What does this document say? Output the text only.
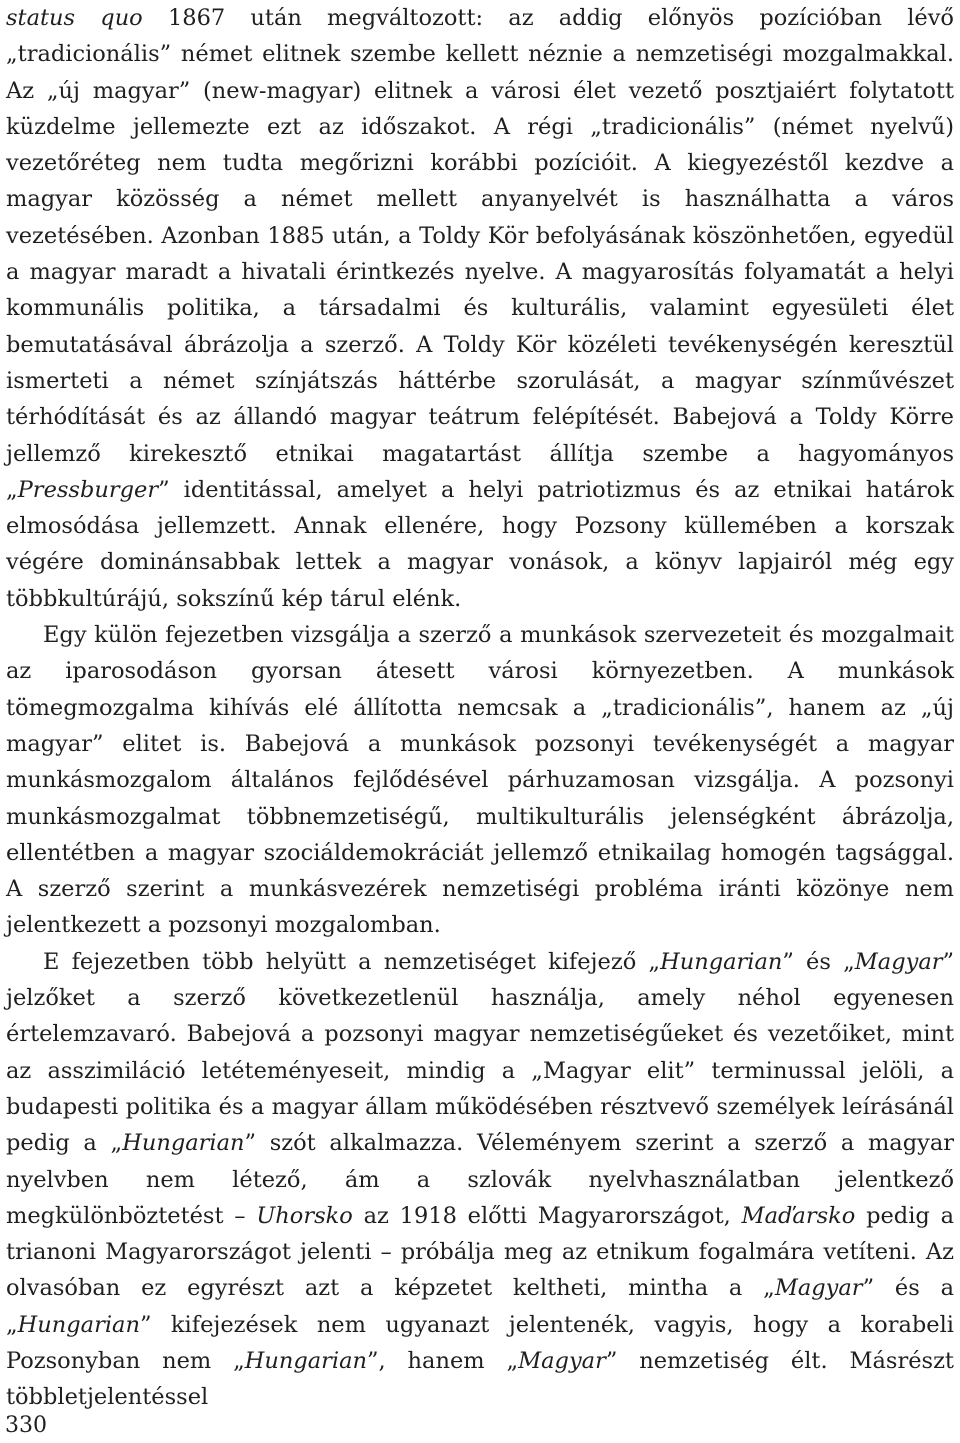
status quo 1867 után megváltozott: az addig előnyös pozícióban lévő „tradicionális” német elitnek szembe kellett néznie a nemzetiségi mozgalmakkal. Az „új magyar” (new-magyar) elitnek a városi élet vezető posztjaiért folytatott küzdelme jellemezte ezt az időszakot. A régi „tradicionális” (német nyelvű) vezetőréteg nem tudta megőrizni korábbi pozícióit. A kiegyezéstől kezdve a magyar közösség a német mellett anyanyelvét is használhatta a város vezetésében. Azonban 1885 után, a Toldy Kör befolyásának köszönhetően, egyedül a magyar maradt a hivatali érintkezés nyelve. A magyarosítás folyamatát a helyi kommunális politika, a társadalmi és kulturális, valamint egyesületi élet bemutatásával ábrázolja a szerző. A Toldy Kör közéleti tevékenységén keresztül ismerteti a német színjátszás háttérbe szorulását, a magyar színművészet térhódítását és az állandó magyar teátrum felépítését. Babejová a Toldy Körre jellemző kirekesztő etnikai magatartást állítja szembe a hagyományos „Pressburger” identitással, amelyet a helyi patriotizmus és az etnikai határok elmosódása jellemzett. Annak ellenére, hogy Pozsony küllemében a korszak végére dominánsabbak lettek a magyar vonások, a könyv lapjairól még egy többkultúrájú, sokszínű kép tárul elénk.

Egy külön fejezetben vizsgálja a szerző a munkások szervezeteit és mozgalmait az iparosodáson gyorsan átesett városi környezetben. A munkások tömegmozgalma kihívás elé állította nemcsak a „tradicionális”, hanem az „új magyar” elitet is. Babejová a munkások pozsonyi tevékenységét a magyar munkásmozgalom általános fejlődésével párhuzamosan vizsgálja. A pozsonyi munkásmozgalmat többnemzetiségű, multikulturális jelenségként ábrázolja, ellentétben a magyar szociáldemokráciát jellemző etnikailag homogén tagsággal. A szerző szerint a munkásvezérek nemzetiségi probléma iránti közönye nem jelentkezett a pozsonyi mozgalomban.

E fejezetben több helyütt a nemzetiséget kifejező „Hungarian” és „Magyar” jelzőket a szerző következetlenül használja, amely néhol egyenesen értelemzavaró. Babejová a pozsonyi magyar nemzetiségűeket és vezetőiket, mint az asszimiláció letéteményeseit, mindig a „Magyar elit” terminussal jelöli, a budapesti politika és a magyar állam működésében résztvevő személyek leírásánál pedig a „Hungarian” szót alkalmazza. Véleményem szerint a szerző a magyar nyelvben nem létező, ám a szlovák nyelvhasználatban jelentkező megkülönböztetést – Uhorsko az 1918 előtti Magyarországot, Maďarsko pedig a trianoni Magyarországot jelenti – próbálja meg az etnikum fogalmára vetíteni. Az olvasóban ez egyrészt azt a képzetet keltheti, mintha a „Magyar” és a „Hungarian” kifejezések nem ugyanazt jelentenék, vagyis, hogy a korabeli Pozsonyban nem „Hungarian”, hanem „Magyar” nemzetiség élt. Másrészt többletjelentéssel

330
